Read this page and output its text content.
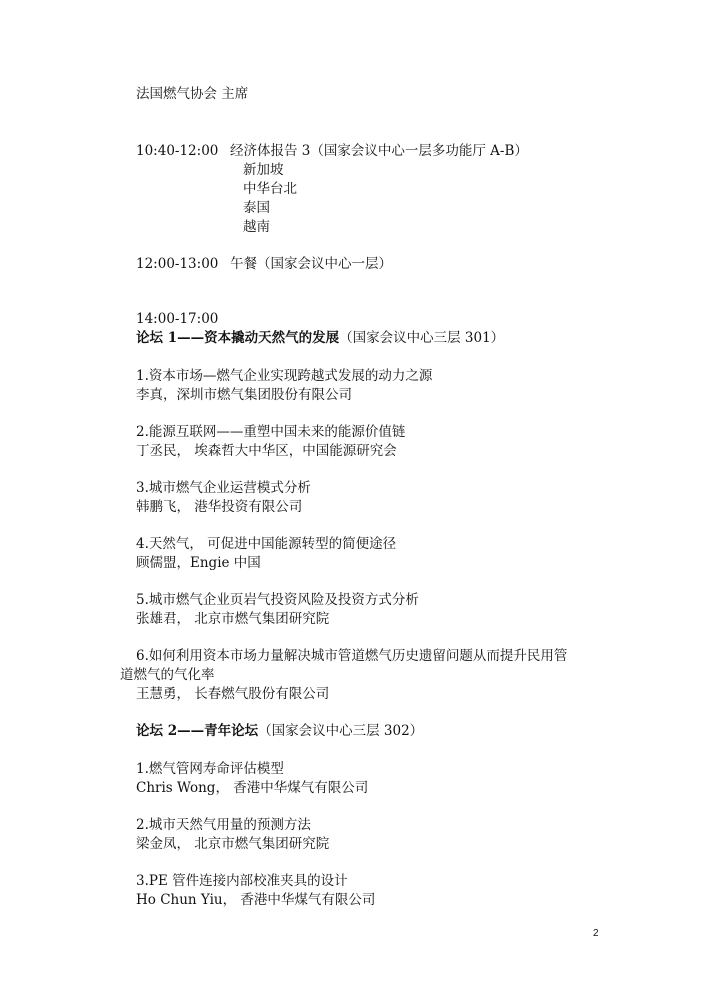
法国燃气协会 主席
10:40-12:00 经济体报告 3（国家会议中心一层多功能厅 A-B）
新加坡
中华台北
泰国
越南
12:00-13:00 午餐（国家会议中心一层）
14:00-17:00
论坛 1——资本撬动天然气的发展（国家会议中心三层 301）
1.资本市场—燃气企业实现跨越式发展的动力之源
李真，深圳市燃气集团股份有限公司
2.能源互联网——重塑中国未来的能源价值链
丁丞民， 埃森哲大中华区，中国能源研究会
3.城市燃气企业运营模式分析
韩鹏飞， 港华投资有限公司
4.天然气， 可促进中国能源转型的简便途径
顾儒盟，Engie 中国
5.城市燃气企业页岩气投资风险及投资方式分析
张雄君， 北京市燃气集团研究院
6.如何利用资本市场力量解决城市管道燃气历史遗留问题从而提升民用管
道燃气的气化率
王慧勇， 长春燃气股份有限公司
论坛 2——青年论坛（国家会议中心三层 302）
1.燃气管网寿命评估模型
Chris Wong， 香港中华煤气有限公司
2.城市天然气用量的预测方法
梁金凤， 北京市燃气集团研究院
3.PE 管件连接内部校准夹具的设计
Ho Chun Yiu， 香港中华煤气有限公司
2
